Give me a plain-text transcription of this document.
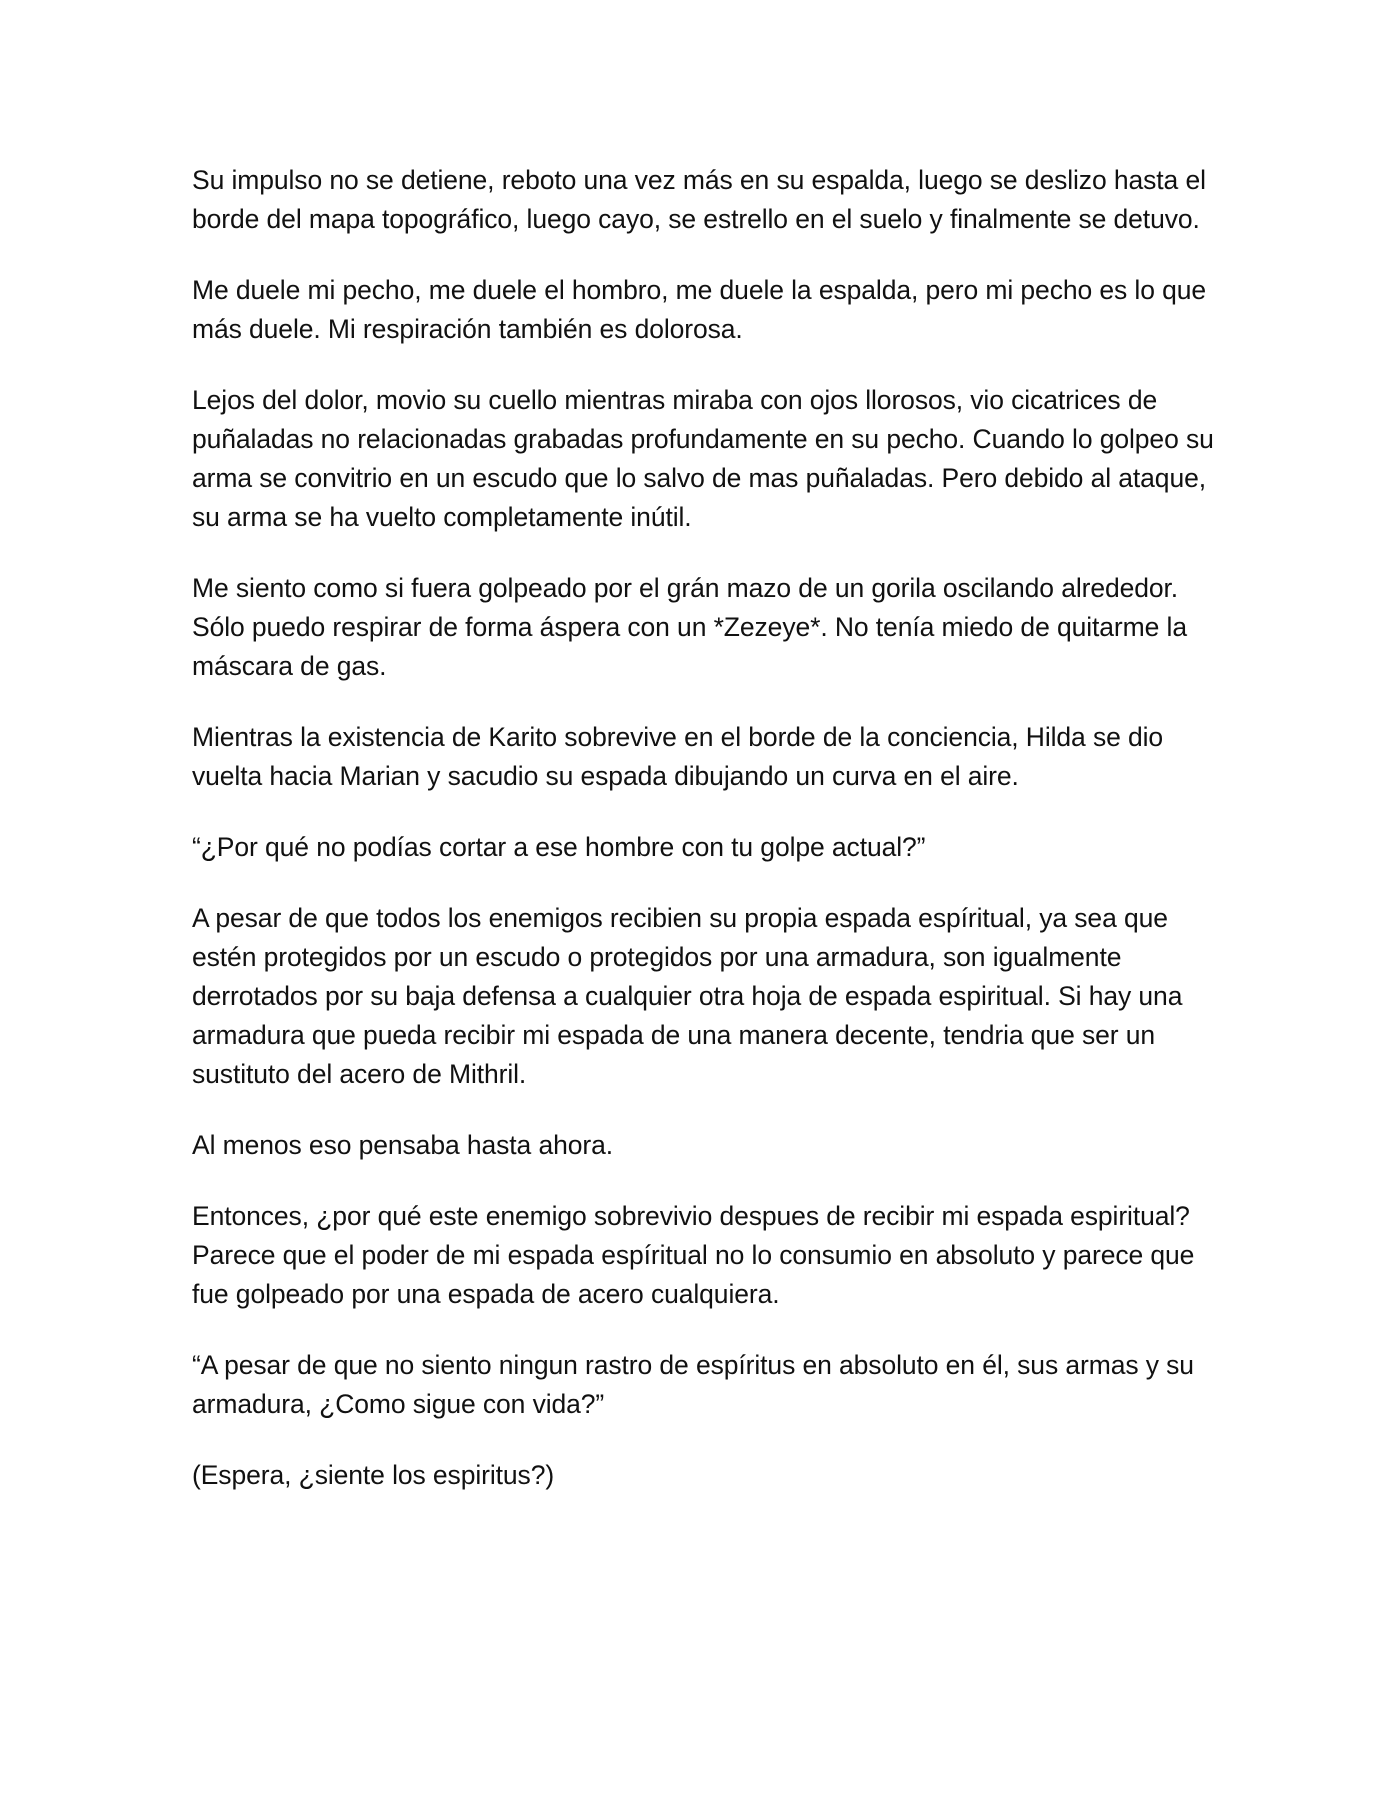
Su impulso no se detiene, reboto una vez más en su espalda, luego se deslizo hasta el borde del mapa topográfico, luego cayo, se estrello en el suelo y finalmente se detuvo.

Me duele mi pecho, me duele el hombro, me duele la espalda, pero mi pecho es lo que más duele. Mi respiración también es dolorosa.

Lejos del dolor, movio su cuello mientras miraba con ojos llorosos, vio cicatrices de puñaladas no relacionadas grabadas profundamente en su pecho. Cuando lo golpeo su arma se convitrio en un escudo que lo salvo de mas puñaladas. Pero debido al ataque, su arma se ha vuelto completamente inútil.

Me siento como si fuera golpeado por el grán mazo de un gorila oscilando alrededor. Sólo puedo respirar de forma áspera con un *Zezeye*. No tenía miedo de quitarme la máscara de gas.

Mientras la existencia de Karito sobrevive en el borde de la conciencia, Hilda se dio vuelta hacia Marian y sacudio su espada dibujando un curva en el aire.

“¿Por qué no podías cortar a ese hombre con tu golpe actual?”

A pesar de que todos los enemigos recibien su propia espada espíritual, ya sea que estén protegidos por un escudo o protegidos por una armadura, son igualmente derrotados por su baja defensa a cualquier otra hoja de espada espiritual. Si hay una armadura que pueda recibir mi espada de una manera decente, tendria que ser un sustituto del acero de Mithril.

Al menos eso pensaba hasta ahora.

Entonces, ¿por qué este enemigo sobrevivio despues de recibir mi espada espiritual? Parece que el poder de mi espada espíritual no lo consumio en absoluto y parece que fue golpeado por una espada de acero cualquiera.

“A pesar de que no siento ningun rastro de espíritus en absoluto en él, sus armas y su armadura, ¿Como sigue con vida?”

(Espera, ¿siente los espiritus?)
